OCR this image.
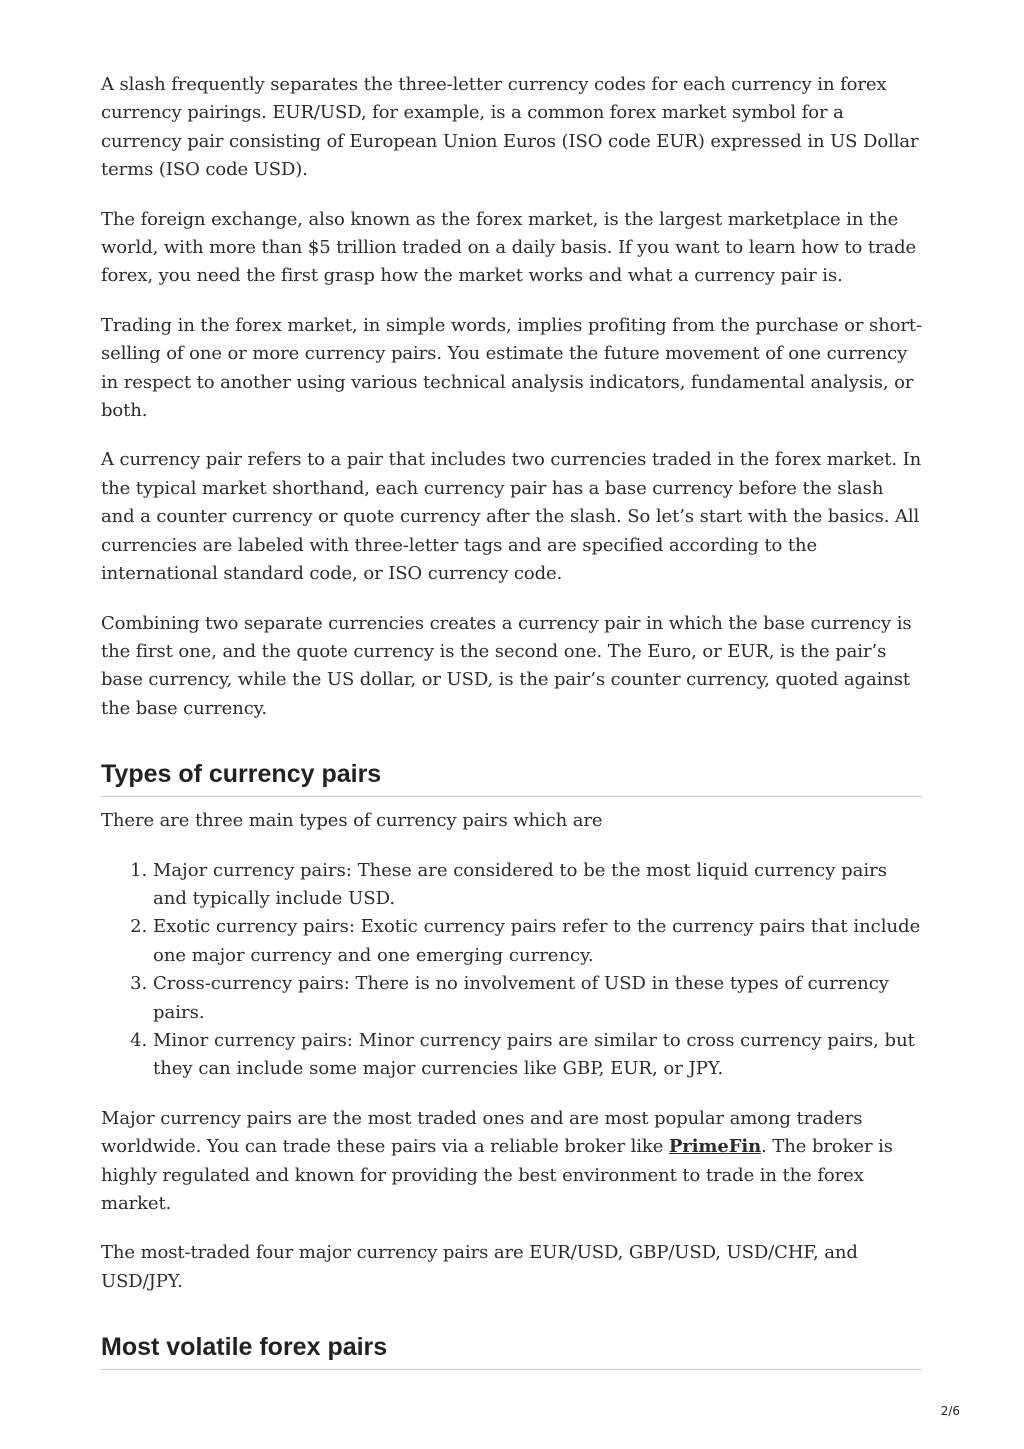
A slash frequently separates the three-letter currency codes for each currency in forex currency pairings. EUR/USD, for example, is a common forex market symbol for a currency pair consisting of European Union Euros (ISO code EUR) expressed in US Dollar terms (ISO code USD).

The foreign exchange, also known as the forex market, is the largest marketplace in the world, with more than $5 trillion traded on a daily basis. If you want to learn how to trade forex, you need the first grasp how the market works and what a currency pair is.

Trading in the forex market, in simple words, implies profiting from the purchase or short-selling of one or more currency pairs. You estimate the future movement of one currency in respect to another using various technical analysis indicators, fundamental analysis, or both.

A currency pair refers to a pair that includes two currencies traded in the forex market. In the typical market shorthand, each currency pair has a base currency before the slash and a counter currency or quote currency after the slash. So let’s start with the basics. All currencies are labeled with three-letter tags and are specified according to the international standard code, or ISO currency code.

Combining two separate currencies creates a currency pair in which the base currency is the first one, and the quote currency is the second one. The Euro, or EUR, is the pair’s base currency, while the US dollar, or USD, is the pair’s counter currency, quoted against the base currency.

Types of currency pairs

There are three main types of currency pairs which are

1. Major currency pairs: These are considered to be the most liquid currency pairs and typically include USD.
2. Exotic currency pairs: Exotic currency pairs refer to the currency pairs that include one major currency and one emerging currency.
3. Cross-currency pairs: There is no involvement of USD in these types of currency pairs.
4. Minor currency pairs: Minor currency pairs are similar to cross currency pairs, but they can include some major currencies like GBP, EUR, or JPY.

Major currency pairs are the most traded ones and are most popular among traders worldwide. You can trade these pairs via a reliable broker like PrimeFin. The broker is highly regulated and known for providing the best environment to trade in the forex market.

The most-traded four major currency pairs are EUR/USD, GBP/USD, USD/CHF, and USD/JPY.

Most volatile forex pairs
2/6
